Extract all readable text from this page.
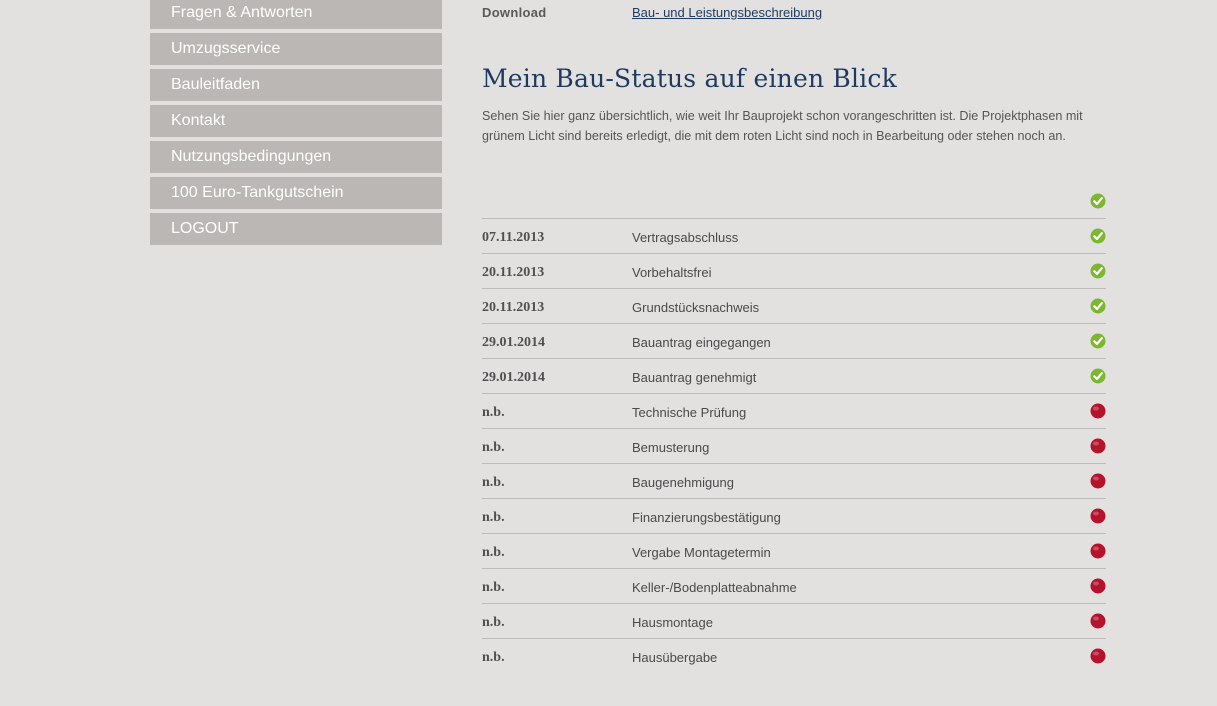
Fragen & Antworten
Umzugsservice
Bauleitfaden
Kontakt
Nutzungsbedingungen
100 Euro-Tankgutschein
LOGOUT
Download	Bau- und Leistungsbeschreibung
Mein Bau-Status auf einen Blick

Sehen Sie hier ganz übersichtlich, wie weit Ihr Bauprojekt schon vorangeschritten ist. Die Projektphasen mit grünem Licht sind bereits erledigt, die mit dem roten Licht sind noch in Bearbeitung oder stehen noch an.

07.11.2013	Vertragsabschluss
20.11.2013	Vorbehaltsfrei
20.11.2013	Grundstücksnachweis
29.01.2014	Bauantrag eingegangen
29.01.2014	Bauantrag genehmigt
n.b.	Technische Prüfung
n.b.	Bemusterung
n.b.	Baugenehmigung
n.b.	Finanzierungsbestätigung
n.b.	Vergabe Montagetermin
n.b.	Keller-/Bodenplatteabnahme
n.b.	Hausmontage
n.b.	Hausübergabe
